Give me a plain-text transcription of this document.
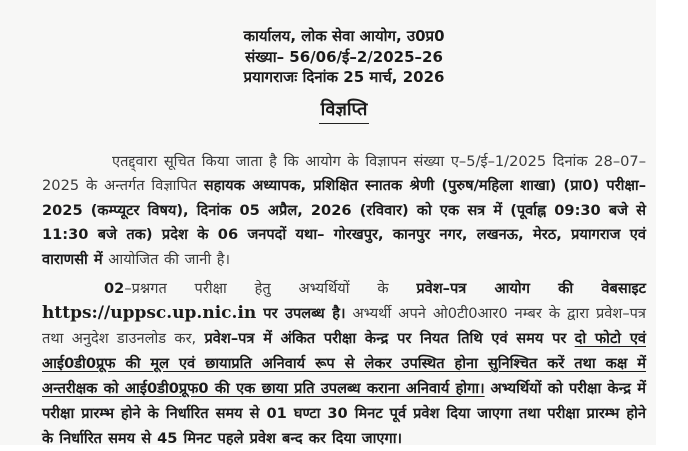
कार्यालय, लोक सेवा आयोग, उ0प्र0
संख्या– 56/06/ई–2/2025–26
प्रयागराजः दिनांक 25 मार्च, 2026
विज्ञप्ति
एतद्द्वारा सूचित किया जाता है कि आयोग के विज्ञापन संख्या ए–5/ई–1/2025 दिनांक 28–07–2025 के अन्तर्गत विज्ञापित सहायक अध्यापक, प्रशिक्षित स्नातक श्रेणी (पुरुष/महिला शाखा) (प्रा0) परीक्षा–2025 (कम्प्यूटर विषय), दिनांक 05 अप्रैल, 2026 (रविवार) को एक सत्र में (पूर्वाह्न 09:30 बजे से 11:30 बजे तक) प्रदेश के 06 जनपदों यथा– गोरखपुर, कानपुर नगर, लखनऊ, मेरठ, प्रयागराज एवं वाराणसी में आयोजित की जानी है।
02–प्रश्नगत परीक्षा हेतु अभ्यर्थियों के प्रवेश–पत्र आयोग की वेबसाइट https://uppsc.up.nic.in पर उपलब्ध है। अभ्यर्थी अपने ओ0टी0आर0 नम्बर के द्वारा प्रवेश–पत्र तथा अनुदेश डाउनलोड कर, प्रवेश–पत्र में अंकित परीक्षा केन्द्र पर नियत तिथि एवं समय पर दो फोटो एवं आई0डी0प्रूफ की मूल एवं छायाप्रति अनिवार्य रूप से लेकर उपस्थित होना सुनिश्चित करें तथा कक्ष में अन्तरीक्षक को आई0डी0प्रूफ0 की एक छाया प्रति उपलब्ध कराना अनिवार्य होगा। अभ्यर्थियों को परीक्षा केन्द्र में परीक्षा प्रारम्भ होने के निर्धारित समय से 01 घण्टा 30 मिनट पूर्व प्रवेश दिया जाएगा तथा परीक्षा प्रारम्भ होने के निर्धारित समय से 45 मिनट पहले प्रवेश बन्द कर दिया जाएगा।
